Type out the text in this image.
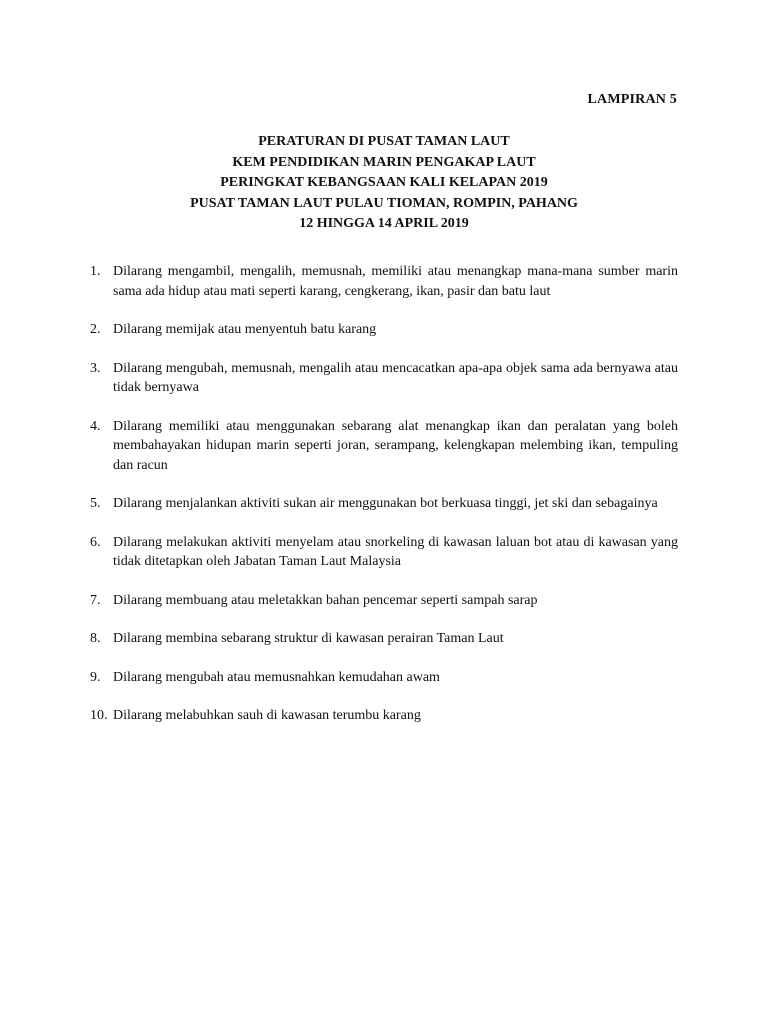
LAMPIRAN 5
PERATURAN DI PUSAT TAMAN LAUT
KEM PENDIDIKAN MARIN PENGAKAP LAUT
PERINGKAT KEBANGSAAN KALI KELAPAN 2019
PUSAT TAMAN LAUT PULAU TIOMAN, ROMPIN, PAHANG
12 HINGGA 14 APRIL 2019
1. Dilarang mengambil, mengalih, memusnah, memiliki atau menangkap mana-mana sumber marin sama ada hidup atau mati seperti karang, cengkerang, ikan, pasir dan batu laut
2. Dilarang memijak atau menyentuh batu karang
3. Dilarang mengubah, memusnah, mengalih atau mencacatkan apa-apa objek sama ada bernyawa atau tidak bernyawa
4. Dilarang memiliki atau menggunakan sebarang alat menangkap ikan dan peralatan yang boleh membahayakan hidupan marin seperti joran, serampang, kelengkapan melembing ikan, tempuling dan racun
5. Dilarang menjalankan aktiviti sukan air menggunakan bot berkuasa tinggi, jet ski dan sebagainya
6. Dilarang melakukan aktiviti menyelam atau snorkeling di kawasan laluan bot atau di kawasan yang tidak ditetapkan oleh Jabatan Taman Laut Malaysia
7. Dilarang membuang atau meletakkan bahan pencemar seperti sampah sarap
8. Dilarang membina sebarang struktur di kawasan perairan Taman Laut
9. Dilarang mengubah atau memusnahkan kemudahan awam
10. Dilarang melabuhkan sauh di kawasan terumbu karang
